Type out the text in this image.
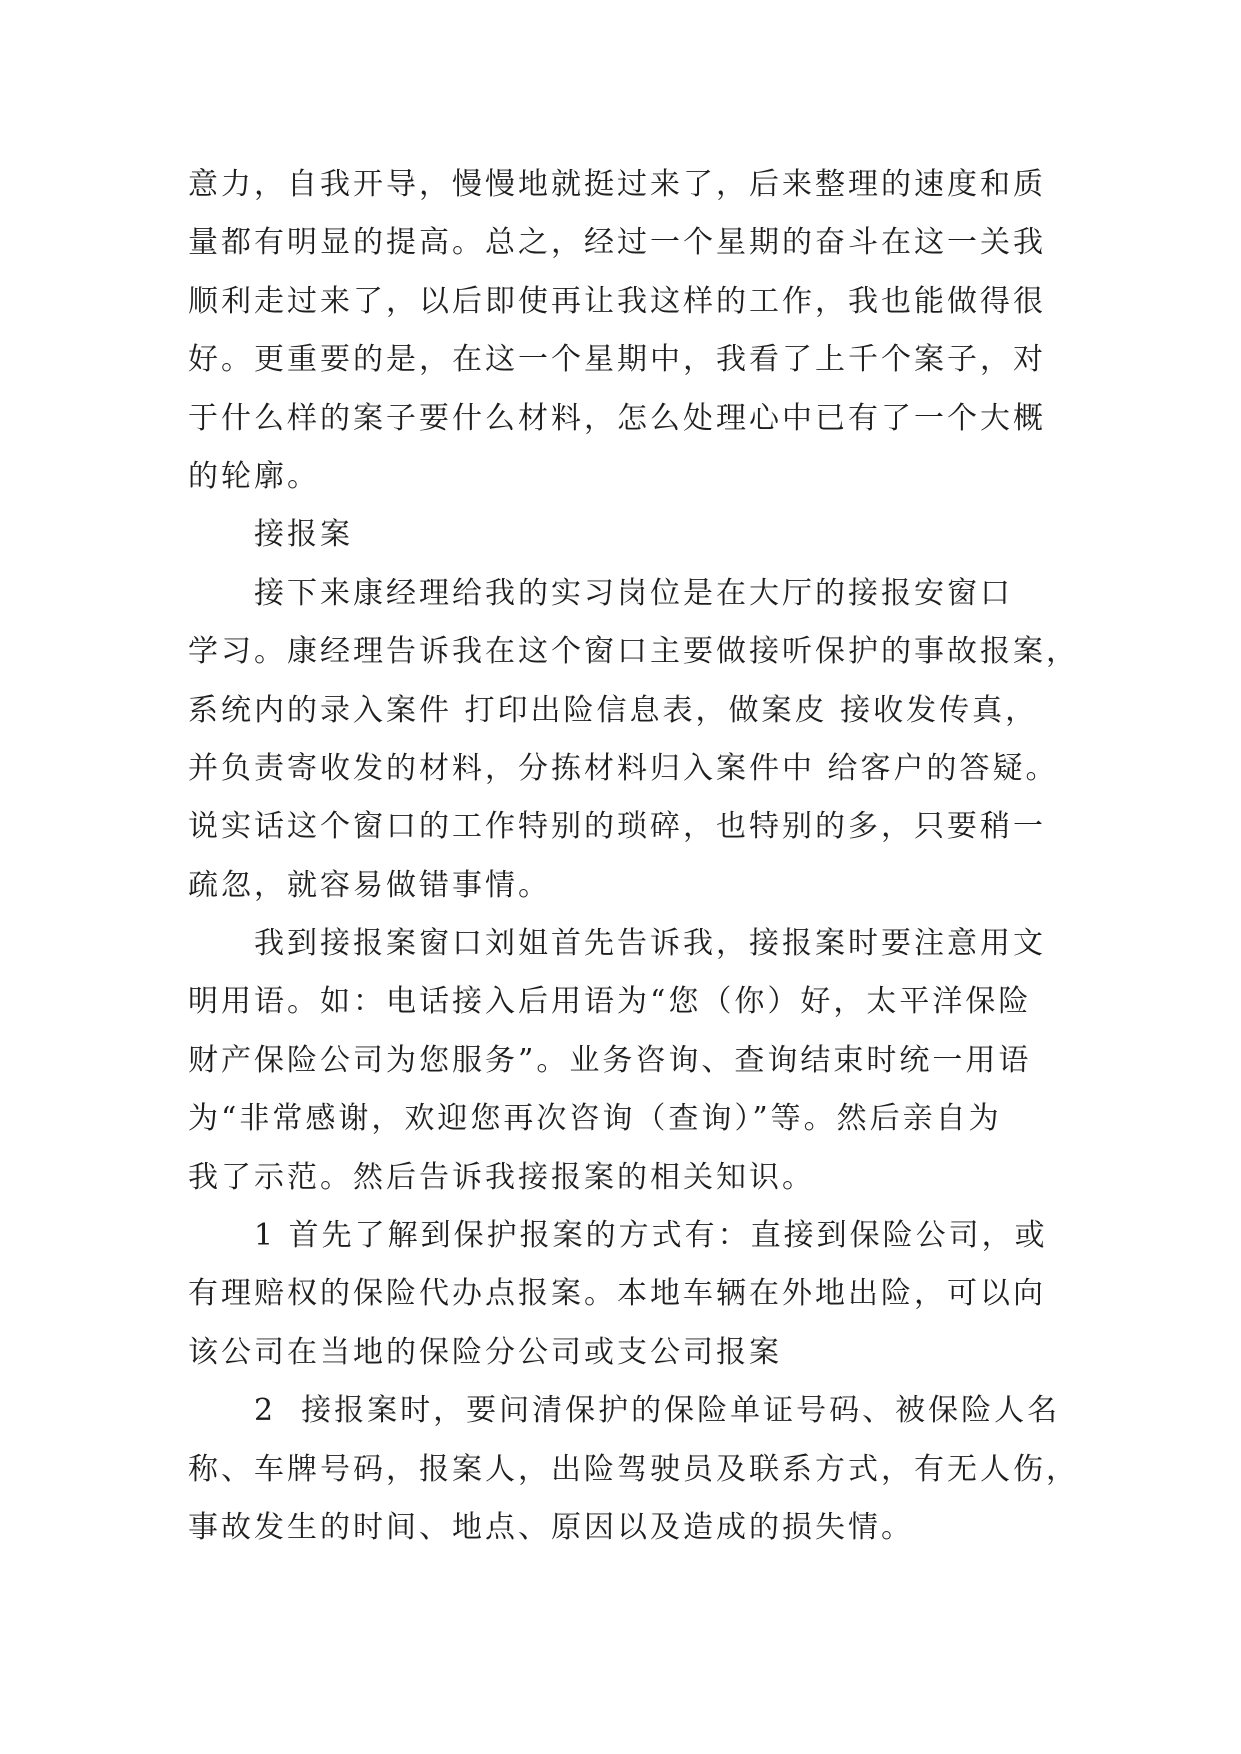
意力，自我开导，慢慢地就挺过来了，后来整理的速度和质
量都有明显的提高。总之，经过一个星期的奋斗在这一关我
顺利走过来了，以后即使再让我这样的工作，我也能做得很
好。更重要的是，在这一个星期中，我看了上千个案子，对
于什么样的案子要什么材料，怎么处理心中已有了一个大概
的轮廓。
接报案
接下来康经理给我的实习岗位是在大厅的接报安窗口
学习。康经理告诉我在这个窗口主要做接听保护的事故报案，
系统内的录入案件 打印出险信息表，做案皮 接收发传真，
并负责寄收发的材料，分拣材料归入案件中 给客户的答疑。
说实话这个窗口的工作特别的琐碎，也特别的多，只要稍一
疏忽，就容易做错事情。
我到接报案窗口刘姐首先告诉我，接报案时要注意用文
明用语。如：电话接入后用语为“您（你）好，太平洋保险
财产保险公司为您服务”。业务咨询、查询结束时统一用语
为“非常感谢，欢迎您再次咨询（查询）”等。然后亲自为
我了示范。然后告诉我接报案的相关知识。
1 首先了解到保护报案的方式有：直接到保险公司，或
有理赔权的保险代办点报案。本地车辆在外地出险，可以向
该公司在当地的保险分公司或支公司报案
2  接报案时，要问清保护的保险单证号码、被保险人名
称、车牌号码，报案人，出险驾驶员及联系方式，有无人伤，
事故发生的时间、地点、原因以及造成的损失情。
